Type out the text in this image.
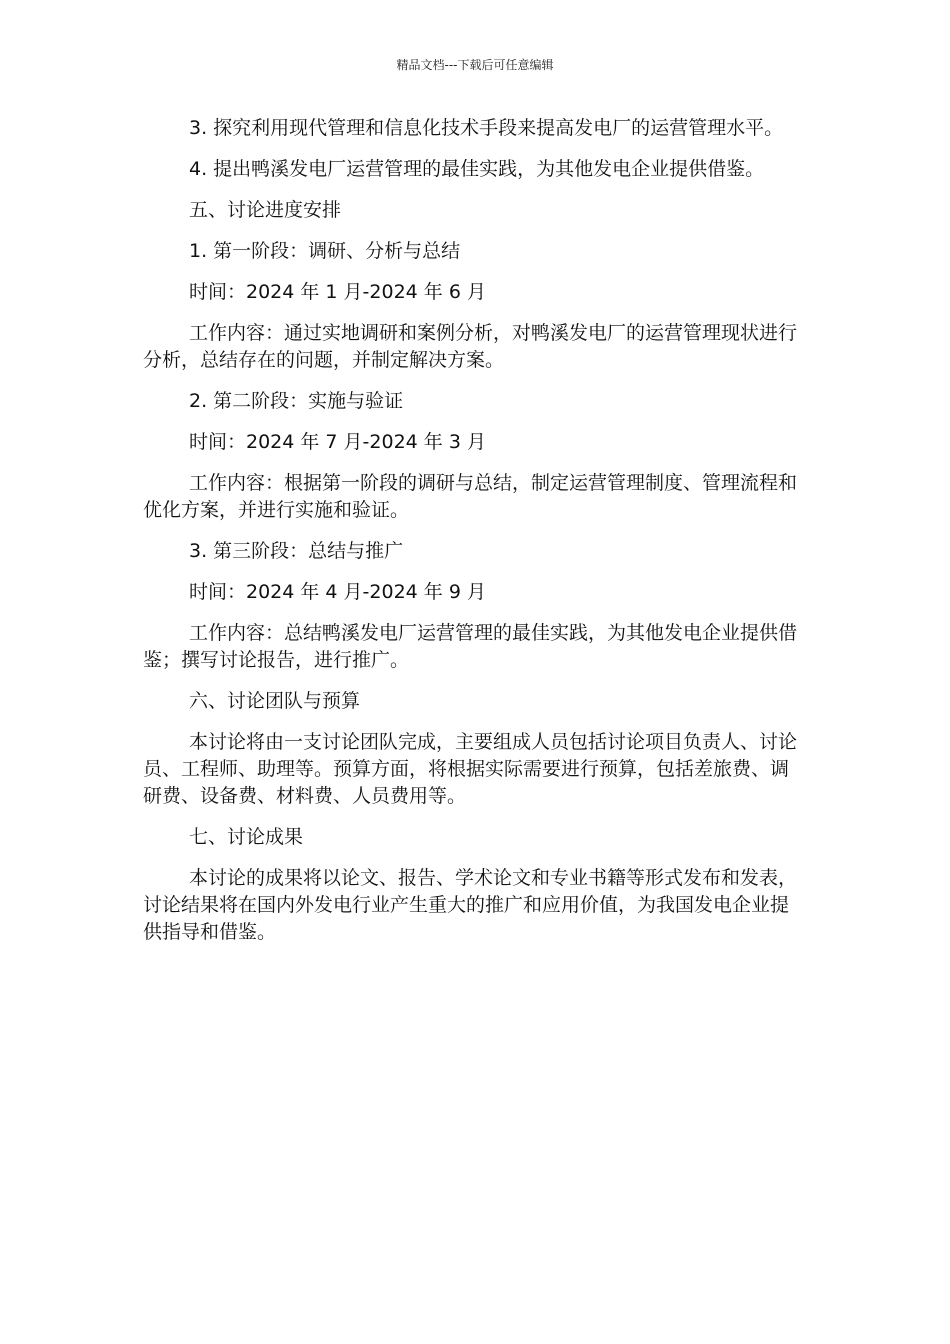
精品文档---下载后可任意编辑

3. 探究利用现代管理和信息化技术手段来提高发电厂的运营管理水平。

4. 提出鸭溪发电厂运营管理的最佳实践，为其他发电企业提供借鉴。

五、讨论进度安排

1. 第一阶段：调研、分析与总结

时间：2024 年 1 月-2024 年 6 月

工作内容：通过实地调研和案例分析，对鸭溪发电厂的运营管理现状进行分析，总结存在的问题，并制定解决方案。

2. 第二阶段：实施与验证

时间：2024 年 7 月-2024 年 3 月

工作内容：根据第一阶段的调研与总结，制定运营管理制度、管理流程和优化方案，并进行实施和验证。

3. 第三阶段：总结与推广

时间：2024 年 4 月-2024 年 9 月

工作内容：总结鸭溪发电厂运营管理的最佳实践，为其他发电企业提供借鉴；撰写讨论报告，进行推广。

六、讨论团队与预算

本讨论将由一支讨论团队完成，主要组成人员包括讨论项目负责人、讨论员、工程师、助理等。预算方面，将根据实际需要进行预算，包括差旅费、调研费、设备费、材料费、人员费用等。

七、讨论成果

本讨论的成果将以论文、报告、学术论文和专业书籍等形式发布和发表，讨论结果将在国内外发电行业产生重大的推广和应用价值，为我国发电企业提供指导和借鉴。
